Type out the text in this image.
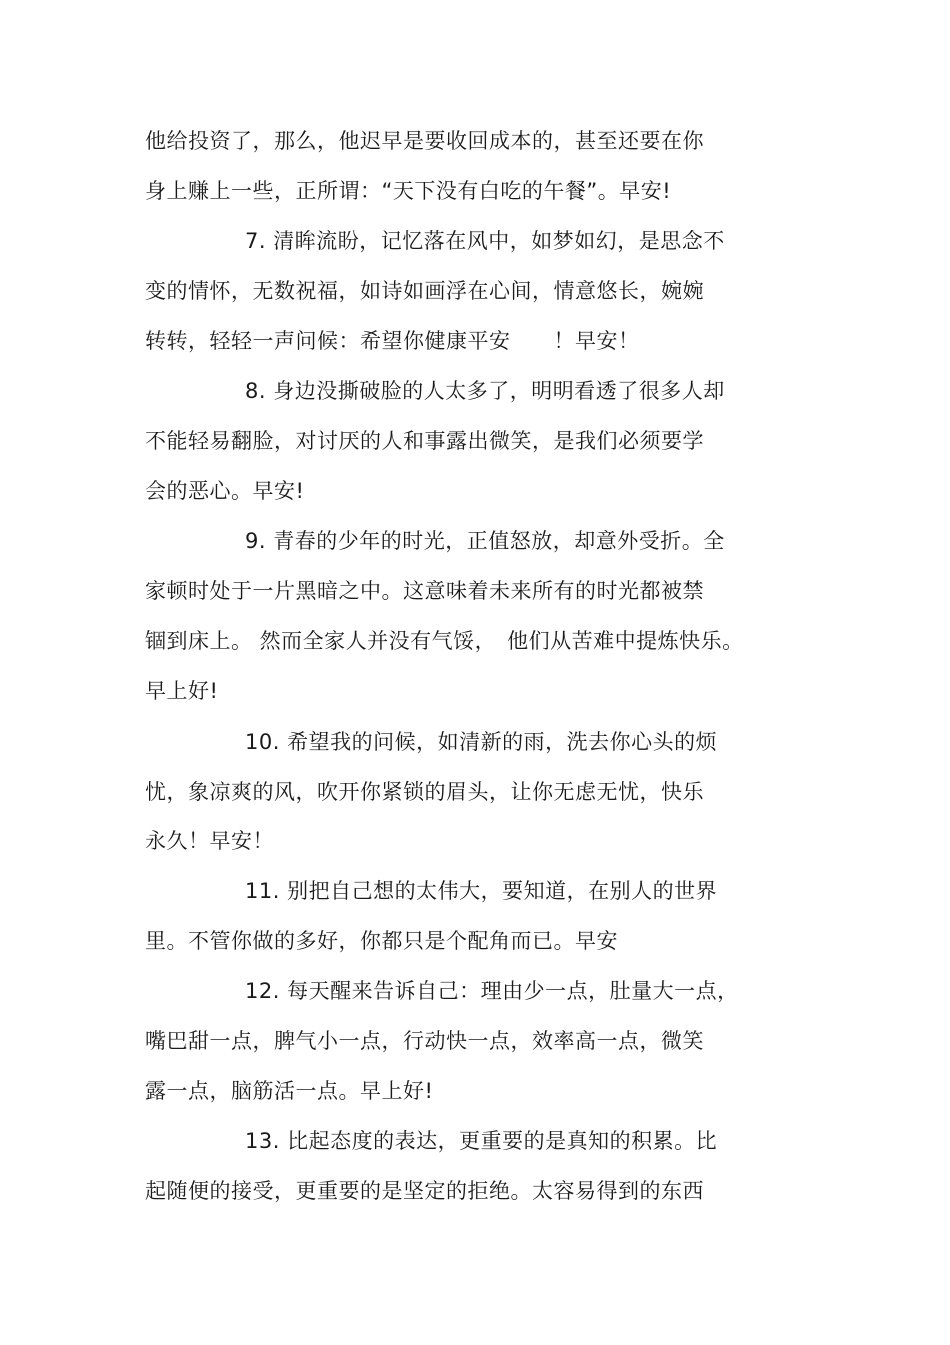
他给投资了，那么，他迟早是要收回成本的，甚至还要在你
身上赚上一些，正所谓：“天下没有白吃的午餐”。早安!
7. 清眸流盼，记忆落在风中，如梦如幻，是思念不
变的情怀，无数祝福，如诗如画浮在心间，情意悠长，婉婉
转转，轻轻一声问候：希望你健康平安　　！早安！
8. 身边没撕破脸的人太多了，明明看透了很多人却
不能轻易翻脸，对讨厌的人和事露出微笑，是我们必须要学
会的恶心。早安!
9. 青春的少年的时光，正值怒放，却意外受折。全
家顿时处于一片黑暗之中。这意味着未来所有的时光都被禁
锢到床上。 然而全家人并没有气馁，　他们从苦难中提炼快乐。
早上好!
10. 希望我的问候，如清新的雨，洗去你心头的烦
忧，象凉爽的风，吹开你紧锁的眉头，让你无虑无忧，快乐
永久！早安！
11. 别把自己想的太伟大，要知道，在别人的世界
里。不管你做的多好，你都只是个配角而已。早安
12. 每天醒来告诉自己：理由少一点，肚量大一点，
嘴巴甜一点，脾气小一点，行动快一点，效率高一点，微笑
露一点，脑筋活一点。早上好!
13. 比起态度的表达，更重要的是真知的积累。比
起随便的接受，更重要的是坚定的拒绝。太容易得到的东西
